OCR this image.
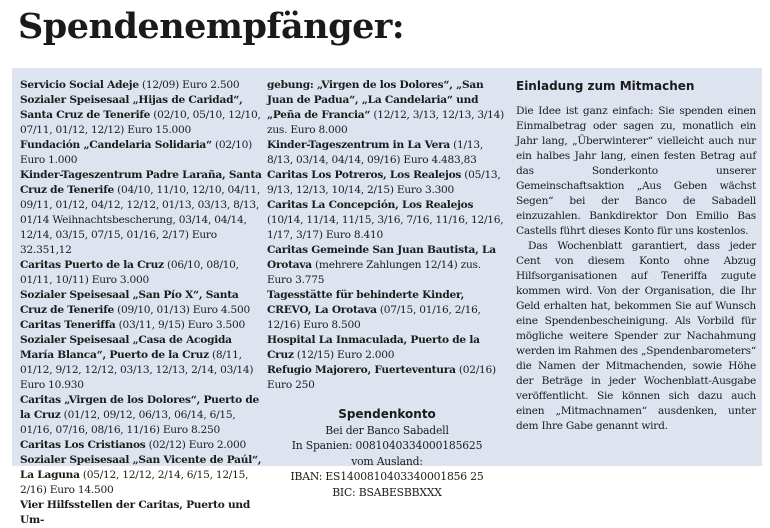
Spendenempfänger:

Servicio Social Adeje (12/09) Euro 2.500

Sozialer Speisesaal „Hijas de Caridad“, Santa Cruz de Tenerife (02/10, 05/10, 12/10, 07/11, 01/12, 12/12) Euro 15.000

Fundación „Candelaria Solidaria“ (02/10) Euro 1.000

Kinder-Tageszentrum Padre Laraña, Santa Cruz de Tenerife (04/10, 11/10, 12/10, 04/11, 09/11, 01/12, 04/12, 12/12, 01/13, 03/13, 8/13, 01/14 Weihnachtsbescherung, 03/14, 04/14, 12/14, 03/15, 07/15, 01/16, 2/17) Euro 32.351,12

Caritas Puerto de la Cruz (06/10, 08/10, 01/11, 10/11) Euro 3.000

Sozialer Speisesaal „San Pío X“, Santa Cruz de Tenerife (09/10, 01/13) Euro 4.500

Caritas Teneriffa (03/11, 9/15) Euro 3.500

Sozialer Speisesaal „Casa de Acogida María Blanca“, Puerto de la Cruz (8/11, 01/12, 9/12, 12/12, 03/13, 12/13, 2/14, 03/14) Euro 10.930

Caritas „Virgen de los Dolores“, Puerto de la Cruz (01/12, 09/12, 06/13, 06/14, 6/15, 01/16, 07/16, 08/16, 11/16) Euro 8.250

Caritas Los Cristianos (02/12) Euro 2.000

Sozialer Speisesaal „San Vicente de Paúl“, La Laguna (05/12, 12/12, 2/14, 6/15, 12/15, 2/16) Euro 14.500

Vier Hilfsstellen der Caritas, Puerto und Um-

gebung: „Virgen de los Dolores“, „San Juan de Padua“, „La Candelaria“ und „Peña de Francia“ (12/12, 3/13, 12/13, 3/14) zus. Euro 8.000

Kinder-Tageszentrum in La Vera (1/13, 8/13, 03/14, 04/14, 09/16) Euro 4.483,83

Caritas Los Potreros, Los Realejos (05/13, 9/13, 12/13, 10/14, 2/15) Euro 3.300

Caritas La Concepción, Los Realejos (10/14, 11/14, 11/15, 3/16, 7/16, 11/16, 12/16, 1/17, 3/17) Euro 8.410

Caritas Gemeinde San Juan Bautista, La Orotava (mehrere Zahlungen 12/14) zus. Euro 3.775

Tagesstätte für behinderte Kinder, CREVO, La Orotava (07/15, 01/16, 2/16, 12/16) Euro 8.500

Hospital La Inmaculada, Puerto de la Cruz (12/15) Euro 2.000

Refugio Majorero, Fuerteventura (02/16) Euro 250

Spendenkonto

Bei der Banco Sabadell

In Spanien: 0081040334000185625

vom Ausland:

IBAN: ES1400810403340001856 25

BIC: BSABESBBXXX

Einladung zum Mitmachen

Die Idee ist ganz einfach: Sie spenden einen Einmalbetrag oder sagen zu, monatlich ein Jahr lang, „Überwinterer“ vielleicht auch nur ein halbes Jahr lang, einen festen Betrag auf das Sonderkonto unserer Gemeinschaftsaktion „Aus Geben wächst Segen“ bei der Banco de Sabadell einzuzahlen. Bankdirektor Don Emilio Bas Castells führt dieses Konto für uns kostenlos.

Das Wochenblatt garantiert, dass jeder Cent von diesem Konto ohne Abzug Hilfsorganisationen auf Teneriffa zugute kommen wird. Von der Organisation, die Ihr Geld erhalten hat, bekommen Sie auf Wunsch eine Spendenbescheinigung. Als Vorbild für mögliche weitere Spender zur Nachahmung werden im Rahmen des „Spendenbarometers“ die Namen der Mitmachenden, sowie Höhe der Beträge in jeder Wochenblatt-Ausgabe veröffentlicht. Sie können sich dazu auch einen „Mitmachnamen“ ausdenken, unter dem Ihre Gabe genannt wird.
